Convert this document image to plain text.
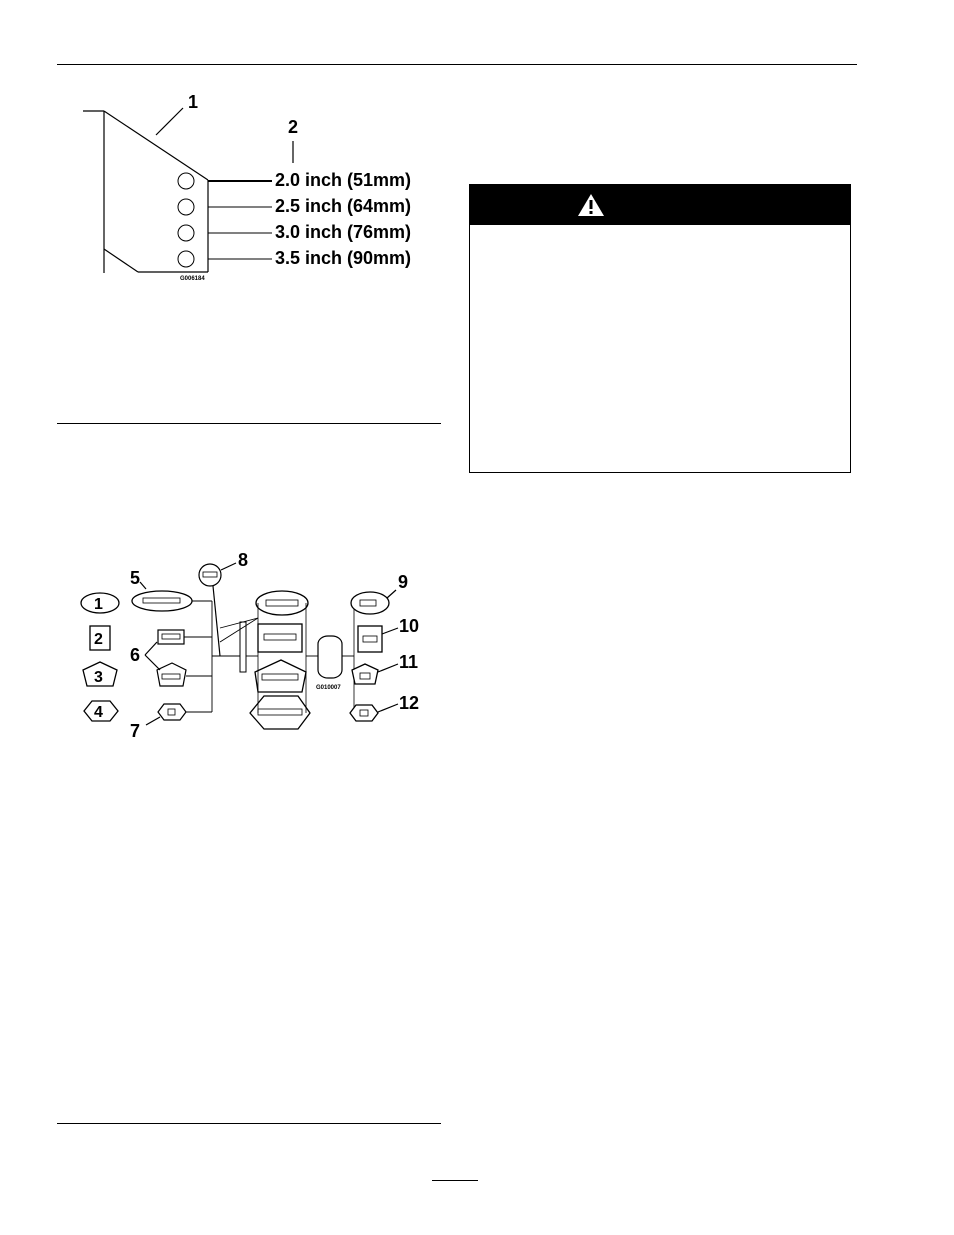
1
2
2.0 inch (51mm)
2.5 inch (64mm)
3.0 inch (76mm)
3.5 inch (90mm)
G006184
1
2
3
4
G010007
5
6
7
8
9
10
11
12
